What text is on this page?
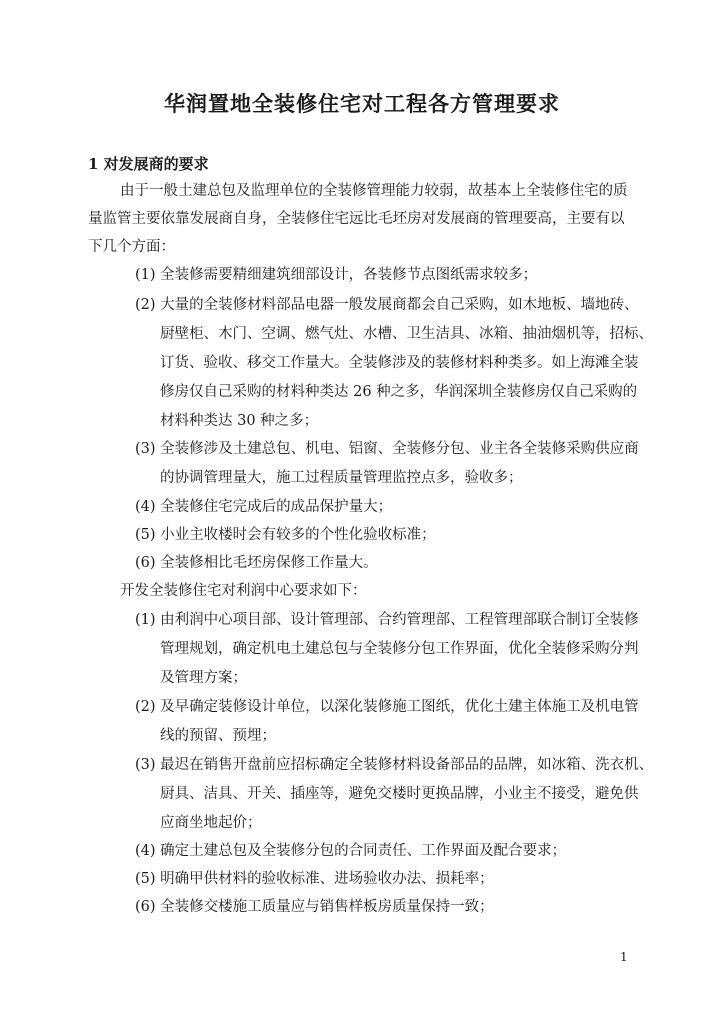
华润置地全装修住宅对工程各方管理要求
1 对发展商的要求

由于一般土建总包及监理单位的全装修管理能力较弱，故基本上全装修住宅的质

量监管主要依靠发展商自身，全装修住宅远比毛坯房对发展商的管理要高，主要有以

下几个方面：

(1) 全装修需要精细建筑细部设计，各装修节点图纸需求较多；

(2) 大量的全装修材料部品电器一般发展商都会自己采购，如木地板、墙地砖、

厨壁柜、木门、空调、燃气灶、水槽、卫生洁具、冰箱、抽油烟机等，招标、

订货、验收、移交工作量大。全装修涉及的装修材料种类多。如上海滩全装

修房仅自己采购的材料种类达 26 种之多，华润深圳全装修房仅自己采购的

材料种类达 30 种之多；

(3) 全装修涉及土建总包、机电、铝窗、全装修分包、业主各全装修采购供应商

的协调管理量大，施工过程质量管理监控点多，验收多；

(4) 全装修住宅完成后的成品保护量大；

(5) 小业主收楼时会有较多的个性化验收标准；

(6) 全装修相比毛坯房保修工作量大。

开发全装修住宅对利润中心要求如下：

(1) 由利润中心项目部、设计管理部、合约管理部、工程管理部联合制订全装修

管理规划，确定机电土建总包与全装修分包工作界面，优化全装修采购分判

及管理方案；

(2) 及早确定装修设计单位，以深化装修施工图纸，优化土建主体施工及机电管

线的预留、预埋；

(3) 最迟在销售开盘前应招标确定全装修材料设备部品的品牌，如冰箱、洗衣机、

厨具、洁具、开关、插座等，避免交楼时更换品牌，小业主不接受，避免供

应商坐地起价；

(4) 确定土建总包及全装修分包的合同责任、工作界面及配合要求；

(5) 明确甲供材料的验收标准、进场验收办法、损耗率；

(6) 全装修交楼施工质量应与销售样板房质量保持一致；

1
